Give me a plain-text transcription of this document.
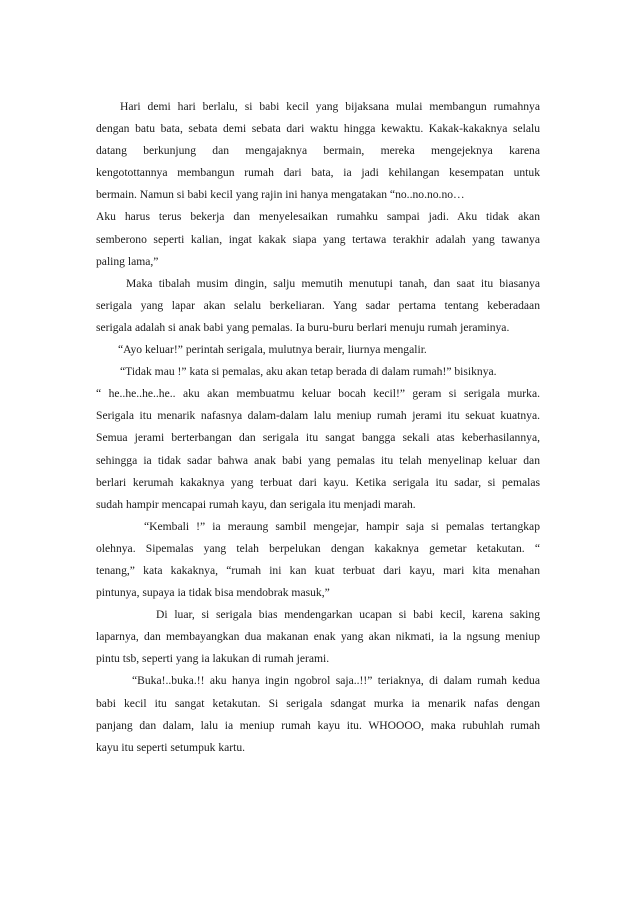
Hari demi hari berlalu, si babi kecil yang bijaksana mulai membangun rumahnya
dengan batu bata, sebata demi sebata dari waktu hingga kewaktu. Kakak-kakaknya selalu
datang berkunjung dan mengajaknya bermain, mereka mengejeknya karena
kengotottannya membangun rumah dari bata, ia jadi kehilangan kesempatan untuk
bermain. Namun si babi kecil yang rajin ini hanya mengatakan “no..no.no.no…
Aku harus terus bekerja dan menyelesaikan rumahku sampai jadi. Aku tidak akan
semberono seperti kalian, ingat kakak siapa yang tertawa terakhir adalah yang tawanya
paling lama,”
Maka tibalah musim dingin, salju memutih menutupi tanah, dan saat itu biasanya
serigala yang lapar akan selalu berkeliaran. Yang sadar pertama tentang keberadaan
serigala adalah si anak babi yang pemalas. Ia buru-buru berlari menuju rumah jeraminya.
“Ayo keluar!” perintah serigala, mulutnya berair, liurnya mengalir.
“Tidak mau !” kata si pemalas, aku akan tetap berada di dalam rumah!” bisiknya.
“ he..he..he..he.. aku akan membuatmu keluar bocah kecil!” geram si serigala murka.
Serigala itu menarik nafasnya dalam-dalam lalu meniup rumah jerami itu sekuat kuatnya.
Semua jerami berterbangan dan serigala itu sangat bangga sekali atas keberhasilannya,
sehingga ia tidak sadar bahwa anak babi yang pemalas itu telah menyelinap keluar dan
berlari kerumah kakaknya yang terbuat dari kayu. Ketika serigala itu sadar, si pemalas
sudah hampir mencapai rumah kayu, dan serigala itu menjadi marah.
“Kembali !” ia meraung sambil mengejar, hampir saja si pemalas tertangkap
olehnya. Sipemalas yang telah berpelukan dengan kakaknya gemetar ketakutan. “
tenang,” kata kakaknya, “rumah ini kan kuat terbuat dari kayu, mari kita menahan
pintunya, supaya ia tidak bisa mendobrak masuk,”
Di luar, si serigala bias mendengarkan ucapan si babi kecil, karena saking
laparnya, dan membayangkan dua makanan enak yang akan nikmati, ia la ngsung meniup
pintu tsb, seperti yang ia lakukan di rumah jerami.
“Buka!..buka.!! aku hanya ingin ngobrol saja..!!” teriaknya, di dalam rumah kedua
babi kecil itu sangat ketakutan. Si serigala sdangat murka ia menarik nafas dengan
panjang dan dalam, lalu ia meniup rumah kayu itu. WHOOOO, maka rubuhlah rumah
kayu itu seperti setumpuk kartu.
